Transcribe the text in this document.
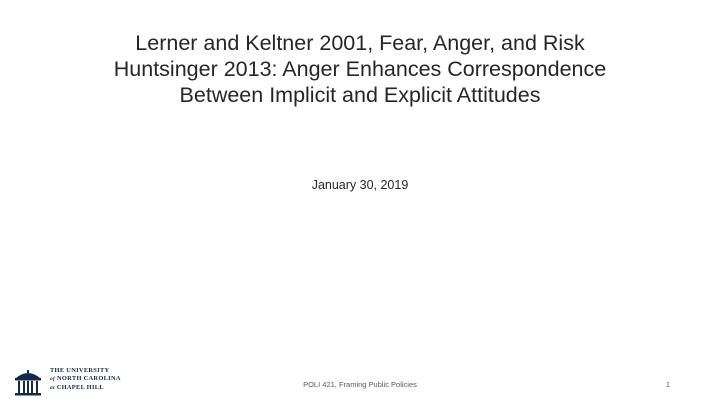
Lerner and Keltner 2001, Fear, Anger, and Risk
Huntsinger 2013: Anger Enhances Correspondence
Between Implicit and Explicit Attitudes
January 30, 2019
THE UNIVERSITY
of NORTH CAROLINA
at CHAPEL HILL	POLI 421, Framing Public Policies	1
